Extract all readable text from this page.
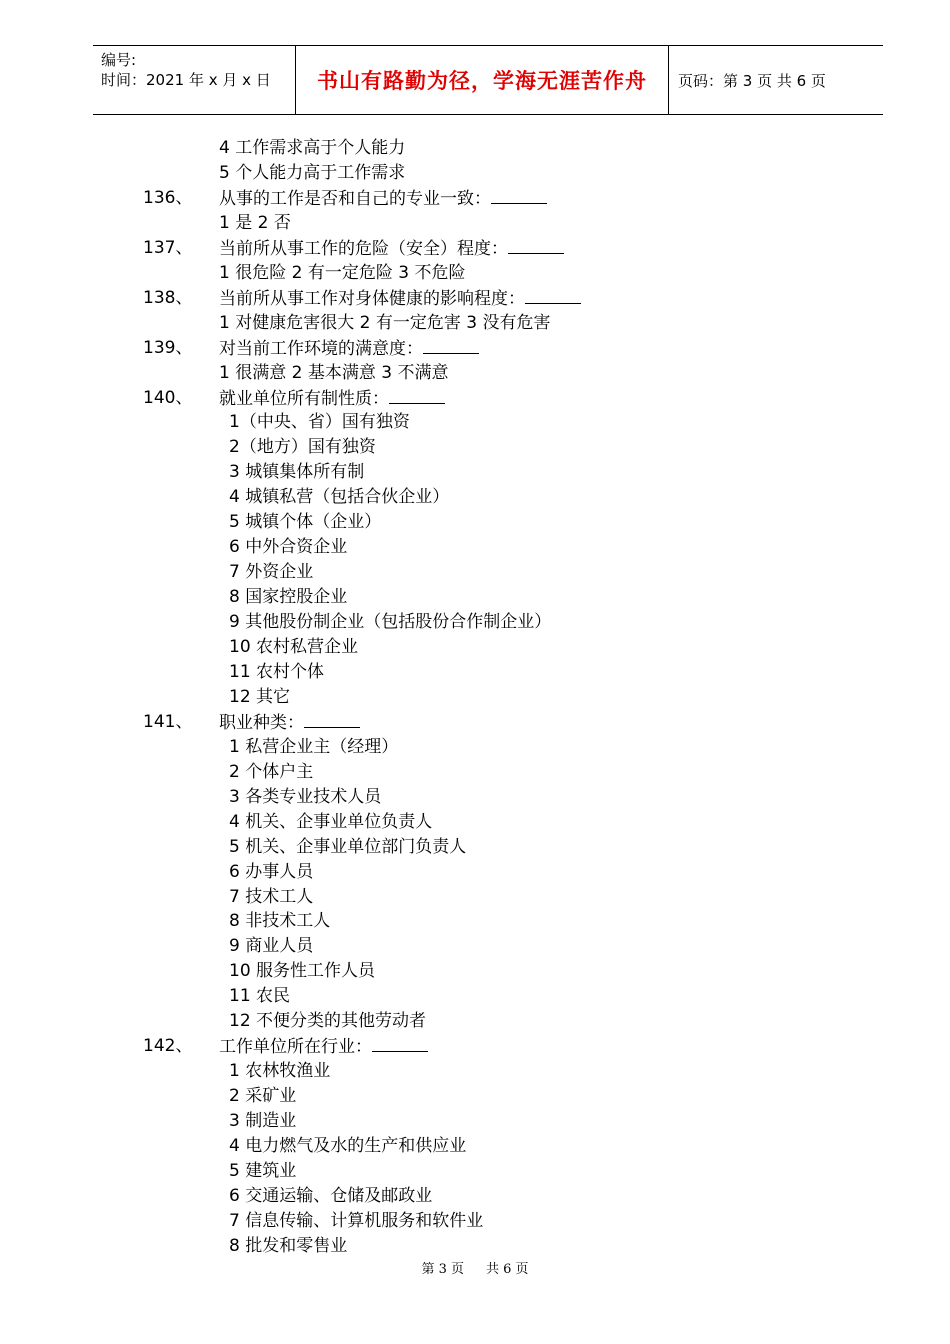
编号:
时间：2021 年 x 月 x 日	书山有路勤为径，学海无涯苦作舟	页码：第 3 页 共 6 页
4 工作需求高于个人能力
5 个人能力高于工作需求
136、 从事的工作是否和自己的专业一致：
1 是 2 否
137、 当前所从事工作的危险（安全）程度：
1 很危险 2 有一定危险 3 不危险
138、 当前所从事工作对身体健康的影响程度：
1 对健康危害很大 2 有一定危害 3 没有危害
139、 对当前工作环境的满意度：
1 很满意 2 基本满意 3 不满意
140、 就业单位所有制性质：
1（中央、省）国有独资
2（地方）国有独资
3 城镇集体所有制
4 城镇私营（包括合伙企业）
5 城镇个体（企业）
6 中外合资企业
7 外资企业
8 国家控股企业
9 其他股份制企业（包括股份合作制企业）
10 农村私营企业
11 农村个体
12 其它
141、 职业种类：
1 私营企业主（经理）
2 个体户主
3 各类专业技术人员
4 机关、企事业单位负责人
5 机关、企事业单位部门负责人
6 办事人员
7 技术工人
8 非技术工人
9 商业人员
10 服务性工作人员
11 农民
12 不便分类的其他劳动者
142、 工作单位所在行业：
1 农林牧渔业
2 采矿业
3 制造业
4 电力燃气及水的生产和供应业
5 建筑业
6 交通运输、仓储及邮政业
7 信息传输、计算机服务和软件业
8 批发和零售业
第 3 页 共 6 页
